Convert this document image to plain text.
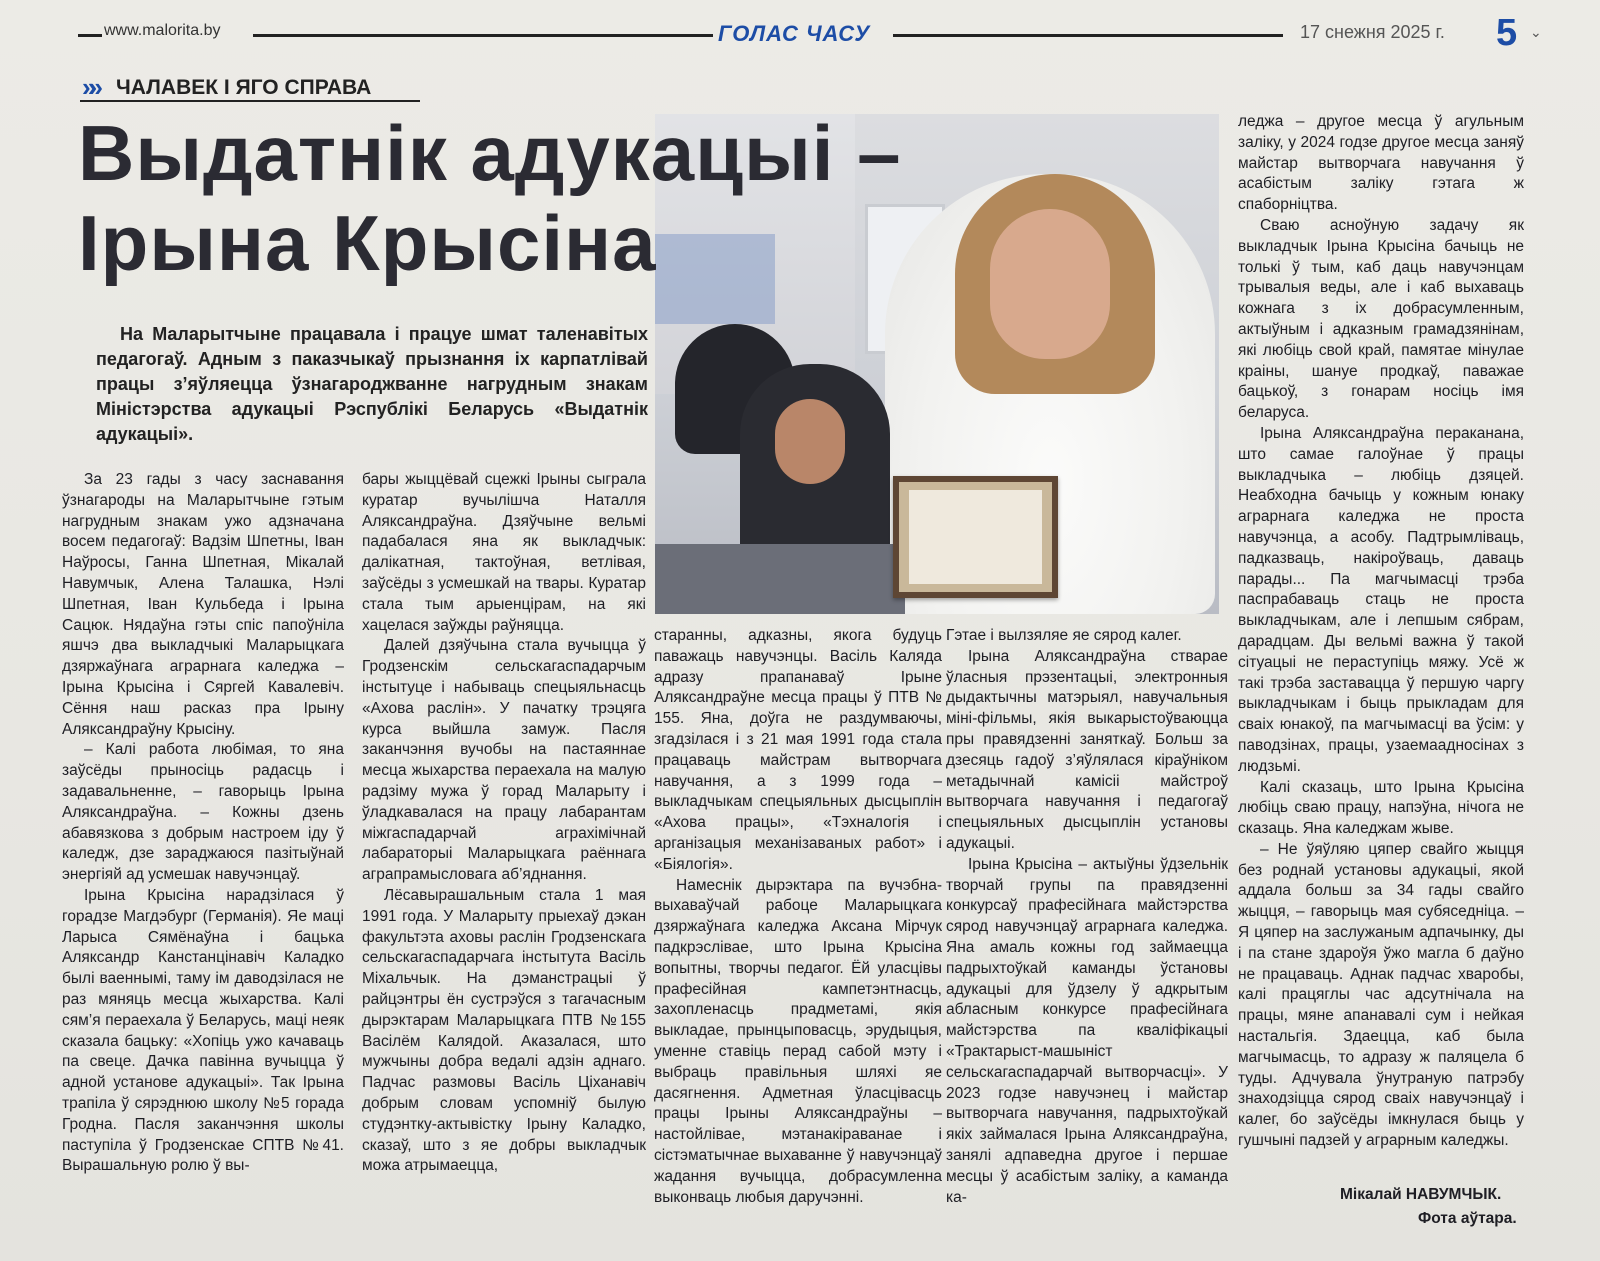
www.malorita.by	ГОЛАС ЧАСУ	17 снежня 2025 г. 5 ⌄
»» ЧАЛАВЕК І ЯГО СПРАВА
Выдатнік адукацыі –
Ірына Крысіна

На Маларытчыне працавала і працуе шмат таленавітых педагогаў. Адным з паказчыкаў прызнання іх карпатлівай працы з’яўляецца ўзнагароджванне нагрудным знакам Міністэрства адукацыі Рэспублікі Беларусь «Выдатнік адукацыі».

За 23 гады з часу заснавання ўзнагароды на Маларытчыне гэтым нагрудным знакам ужо адзначана восем педагогаў: Вадзім Шпетны, Іван Наўросы, Ганна Шпетная, Мікалай Навумчык, Алена Талашка, Нэлі Шпетная, Іван Кульбеда і Ірына Сацюк. Нядаўна гэты спіс папоўніла яшчэ два выкладчыкі Маларыцкага дзяржаўнага аграрнага каледжа – Ірына Крысіна і Сяргей Кавалевіч. Сёння наш расказ пра Ірыну Аляксандраўну Крысіну.

– Калі работа любімая, то яна заўсёды прыносіць радасць і задавальненне, – гаворыць Ірына Аляксандраўна. – Кожны дзень абавязкова з добрым настроем іду ў каледж, дзе зараджаюся пазітыўнай энергіяй ад усмешак навучэнцаў.

Ірына Крысіна нарадзілася ў горадзе Магдэбург (Германія). Яе маці Ларыса Сямёнаўна і бацька Аляксандр Канстанцінавіч Каладко былі ваеннымі, таму ім даводзілася не раз мяняць месца жыхарства. Калі сям’я пераехала ў Беларусь, маці неяк сказала бацьку: «Хопіць ужо качаваць па свеце. Дачка павінна вучыцца ў адной установе адукацыі». Так Ірына трапіла ў сярэднюю школу №5 горада Гродна. Пасля заканчэння школы паступіла ў Гродзенскае СПТВ №41. Вырашальную ролю ў вы-

бары жыццёвай сцежкі Ірыны сыграла куратар вучылішча Наталля Аляксандраўна. Дзяўчыне вельмі падабалася яна як выкладчык: далікатная, тактоўная, ветлівая, заўсёды з усмешкай на твары. Куратар стала тым арыенцірам, на які хацелася заўжды раўняцца.

Далей дзяўчына стала вучыцца ў Гродзенскім сельскагаспадарчым інстытуце і набываць спецыяльнасць «Ахова раслін». У пачатку трэцяга курса выйшла замуж. Пасля заканчэння вучобы на пастаяннае месца жыхарства пераехала на малую радзіму мужа ў горад Маларыту і ўладкавалася на працу лабарантам міжгаспадарчай аграхімічнай лабараторыі Маларыцкага раённага аграпрамысловага аб’яднання.

Лёсавырашальным стала 1 мая 1991 года. У Маларыту прыехаў дэкан факультэта аховы раслін Гродзенскага сельскагаспадарчага інстытута Васіль Міхальчык. На дэманстрацыі ў райцэнтры ён сустрэўся з тагачасным дырэктарам Маларыцкага ПТВ №155 Васілём Калядой. Аказалася, што мужчыны добра ведалі адзін аднаго. Падчас размовы Васіль Цiханавіч добрым словам успомніў былую студэнтку-актывістку Ірыну Каладко, сказаў, што з яе добры выкладчык можа атрымаецца,

старанны, адказны, якога будуць паважаць навучэнцы. Васіль Каляда адразу прапанаваў Ірыне Аляксандраўне месца працы ў ПТВ № 155. Яна, доўга не раздумваючы, згадзілася і з 21 мая 1991 года стала працаваць майстрам вытворчага навучання, а з 1999 года – выкладчыкам спецыяльных дысцыплін «Ахова працы», «Тэхналогія і арганізацыя механізаваных работ» і «Біялогія».

Намеснік дырэктара па вучэбна-выхаваўчай рабоце Маларыцкага дзяржаўнага каледжа Аксана Мірчук падкрэслівае, што Ірына Крысіна вопытны, творчы педагог. Ёй уласцівы прафесійная кампетэнтнасць, захопленасць прадметамі, якія выкладае, прынцыповасць, эрудыцыя, уменне ставіць перад сабой мэту і выбраць правільныя шляхі яе дасягнення. Адметная ўласцівасць працы Ірыны Аляксандраўны – настойлівае, мэтанакіраванае і сістэматычнае выхаванне ў навучэнцаў жадання вучыцца, добрасумленна выконваць любыя даручэнні.

Гэтае і вылзяляе яе сярод калег.

Ірына Аляксандраўна стварае ўласныя прэзентацыі, электронныя дыдактычны матэрыял, навучальныя міні-фільмы, якія выкарыстоўваюцца пры правядзенні заняткаў. Больш за дзесяць гадоў з’яўлялася кіраўніком метадычнай камісіі майстроў вытворчага навучання і педагогаў спецыяльных дысцыплін установы адукацыі.

Ірына Крысіна – актыўны ўдзельнік творчай групы па правядзенні конкурсаў прафесійнага майстэрства сярод навучэнцаў аграрнага каледжа. Яна амаль кожны год займаецца падрыхтоўкай каманды ўстановы адукацыі для ўдзелу ў адкрытым абласным конкурсе прафесійнага майстэрства па кваліфікацыі «Трактарыст-машыніст сельскагаспадарчай вытворчасці». У 2023 годзе навучэнец і майстар вытворчага навучання, падрыхтоўкай якіх займалася Ірына Аляксандраўна, занялі адпаведна другое і першае месцы ў асабістым заліку, а каманда ка-

леджа – другое месца ў агульным заліку, у 2024 годзе другое месца заняў майстар вытворчага навучання ў асабістым заліку гэтага ж спаборніцтва.

Сваю асноўную задачу як выкладчык Ірына Крысіна бачыць не толькі ў тым, каб даць навучэнцам трывалыя веды, але і каб выхаваць кожнага з іх добрасумленным, актыўным і адказным грамадзянінам, які любіць свой край, памятае мінулае краіны, шануе продкаў, паважае бацькоў, з гонарам носіць імя беларуса.

Ірына Аляксандраўна перакананa, што самае галоўнае ў працы выкладчыка – любіць дзяцей. Неабходна бачыць у кожным юнаку аграрнага каледжа не проста навучэнца, а асобу. Падтрымліваць, падказваць, накіроўваць, даваць парады... Па магчымасці трэба паспрабаваць стаць не проста выкладчыкам, але і лепшым сябрам, дарадцам. Ды вельмі важна ў такой сітуацыі не пераступіць мяжу. Усё ж такі трэба заставацца ў першую чаргу выкладчыкам і быць прыкладам для сваіх юнакоў, па магчымасці ва ўсім: у паводзінах, працы, узаемаадносінах з людзьмі.

Калі сказаць, што Ірына Крысіна любіць сваю працу, напэўна, нічога не сказаць. Яна каледжам жыве.

– Не ўяўляю цяпер свайго жыцця без роднай установы адукацыі, якой аддала больш за 34 гады свайго жыцця, – гаворыць мая субяседніца. – Я цяпер на заслужаным адпачынку, ды і па стане здароўя ўжо магла б даўно не працаваць. Аднак падчас хваробы, калі працяглы час адсутнічала на працы, мяне апанавалі сум і нейкая настальгія. Здаецца, каб была магчымасць, то адразу ж паляцела б туды. Адчувала ўнутраную патрэбу знаходзіцца сярод сваіх навучэнцаў і калег, бо заўсёды імкнулася быць у гушчыні падзей у аграрным каледжы.

Мікалай НАВУМЧЫК.
Фота аўтара.
